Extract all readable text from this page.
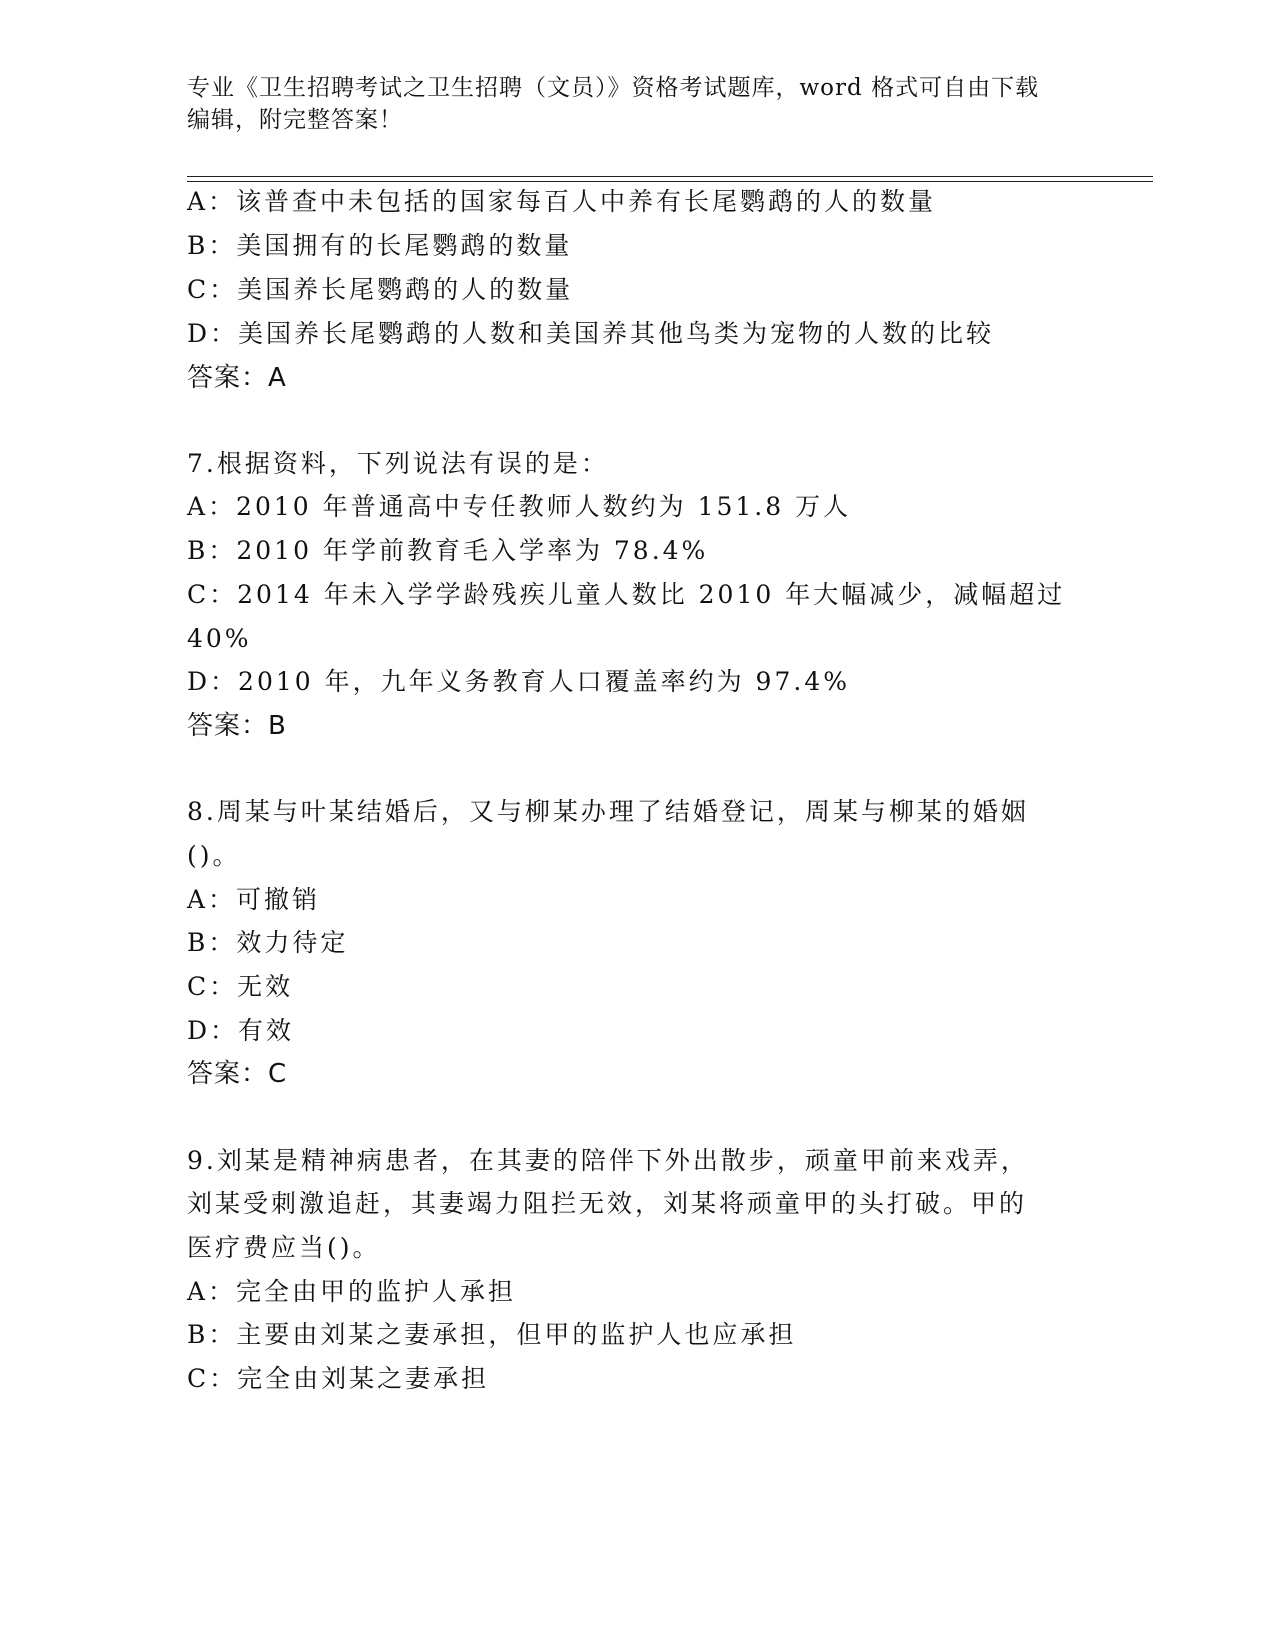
专业《卫生招聘考试之卫生招聘（文员）》资格考试题库，word 格式可自由下载
编辑，附完整答案！
A：该普查中未包括的国家每百人中养有长尾鹦鹉的人的数量
B：美国拥有的长尾鹦鹉的数量
C：美国养长尾鹦鹉的人的数量
D：美国养长尾鹦鹉的人数和美国养其他鸟类为宠物的人数的比较
答案：A
7.根据资料，下列说法有误的是：
A：2010 年普通高中专任教师人数约为 151.8 万人
B：2010 年学前教育毛入学率为 78.4%
C：2014 年未入学学龄残疾儿童人数比 2010 年大幅减少，减幅超过
40%
D：2010 年，九年义务教育人口覆盖率约为 97.4%
答案：B
8.周某与叶某结婚后，又与柳某办理了结婚登记，周某与柳某的婚姻
()。
A：可撤销
B：效力待定
C：无效
D：有效
答案：C
9.刘某是精神病患者，在其妻的陪伴下外出散步，顽童甲前来戏弄，
刘某受刺激追赶，其妻竭力阻拦无效，刘某将顽童甲的头打破。甲的
医疗费应当()。
A：完全由甲的监护人承担
B：主要由刘某之妻承担，但甲的监护人也应承担
C：完全由刘某之妻承担
